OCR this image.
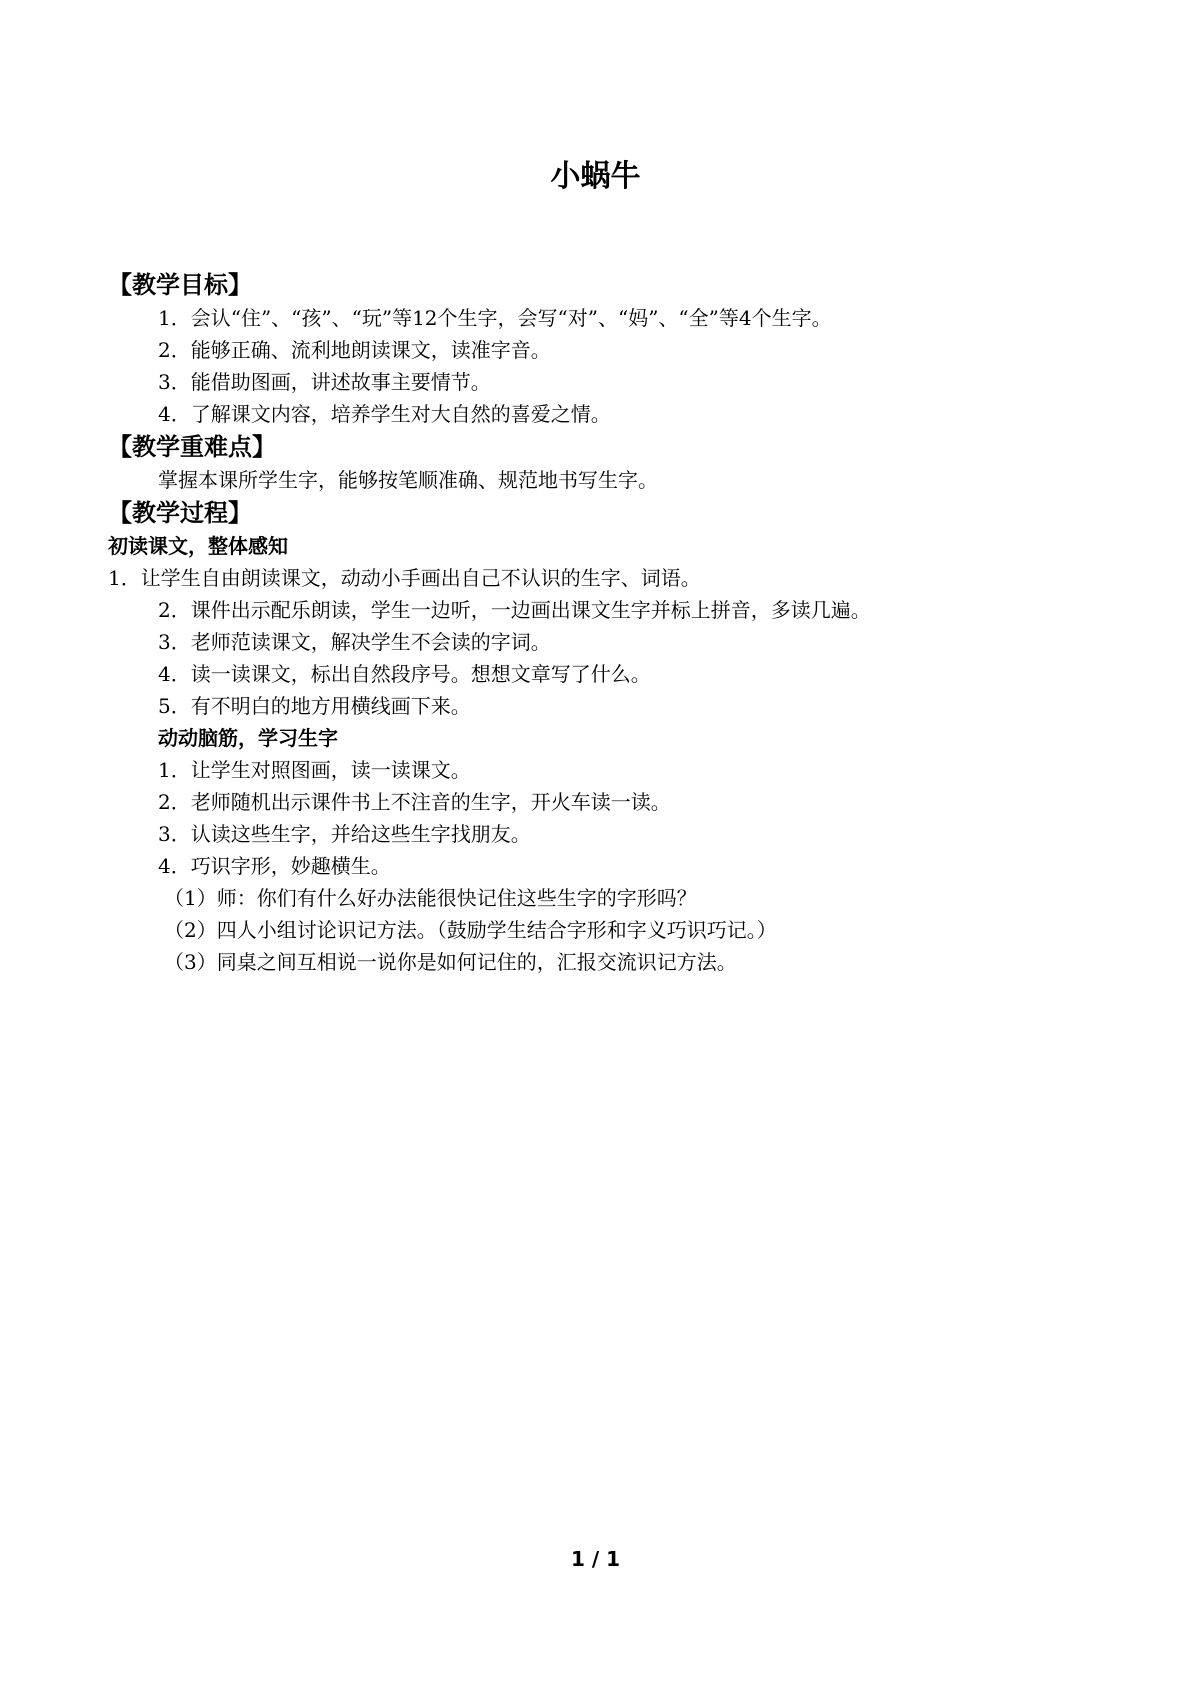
小蜗牛
【教学目标】
1．会认“住”、“孩”、“玩”等12个生字，会写“对”、“妈”、“全”等4个生字。
2．能够正确、流利地朗读课文，读准字音。
3．能借助图画，讲述故事主要情节。
4．了解课文内容，培养学生对大自然的喜爱之情。
【教学重难点】
掌握本课所学生字，能够按笔顺准确、规范地书写生字。
【教学过程】
初读课文，整体感知
1．让学生自由朗读课文，动动小手画出自己不认识的生字、词语。
2．课件出示配乐朗读，学生一边听，一边画出课文生字并标上拼音，多读几遍。
3．老师范读课文，解决学生不会读的字词。
4．读一读课文，标出自然段序号。想想文章写了什么。
5．有不明白的地方用横线画下来。
动动脑筋，学习生字
1．让学生对照图画，读一读课文。
2．老师随机出示课件书上不注音的生字，开火车读一读。
3．认读这些生字，并给这些生字找朋友。
4．巧识字形，妙趣横生。
（1）师：你们有什么好办法能很快记住这些生字的字形吗？
（2）四人小组讨论识记方法。（鼓励学生结合字形和字义巧识巧记。）
（3）同桌之间互相说一说你是如何记住的，汇报交流识记方法。
1 / 1
